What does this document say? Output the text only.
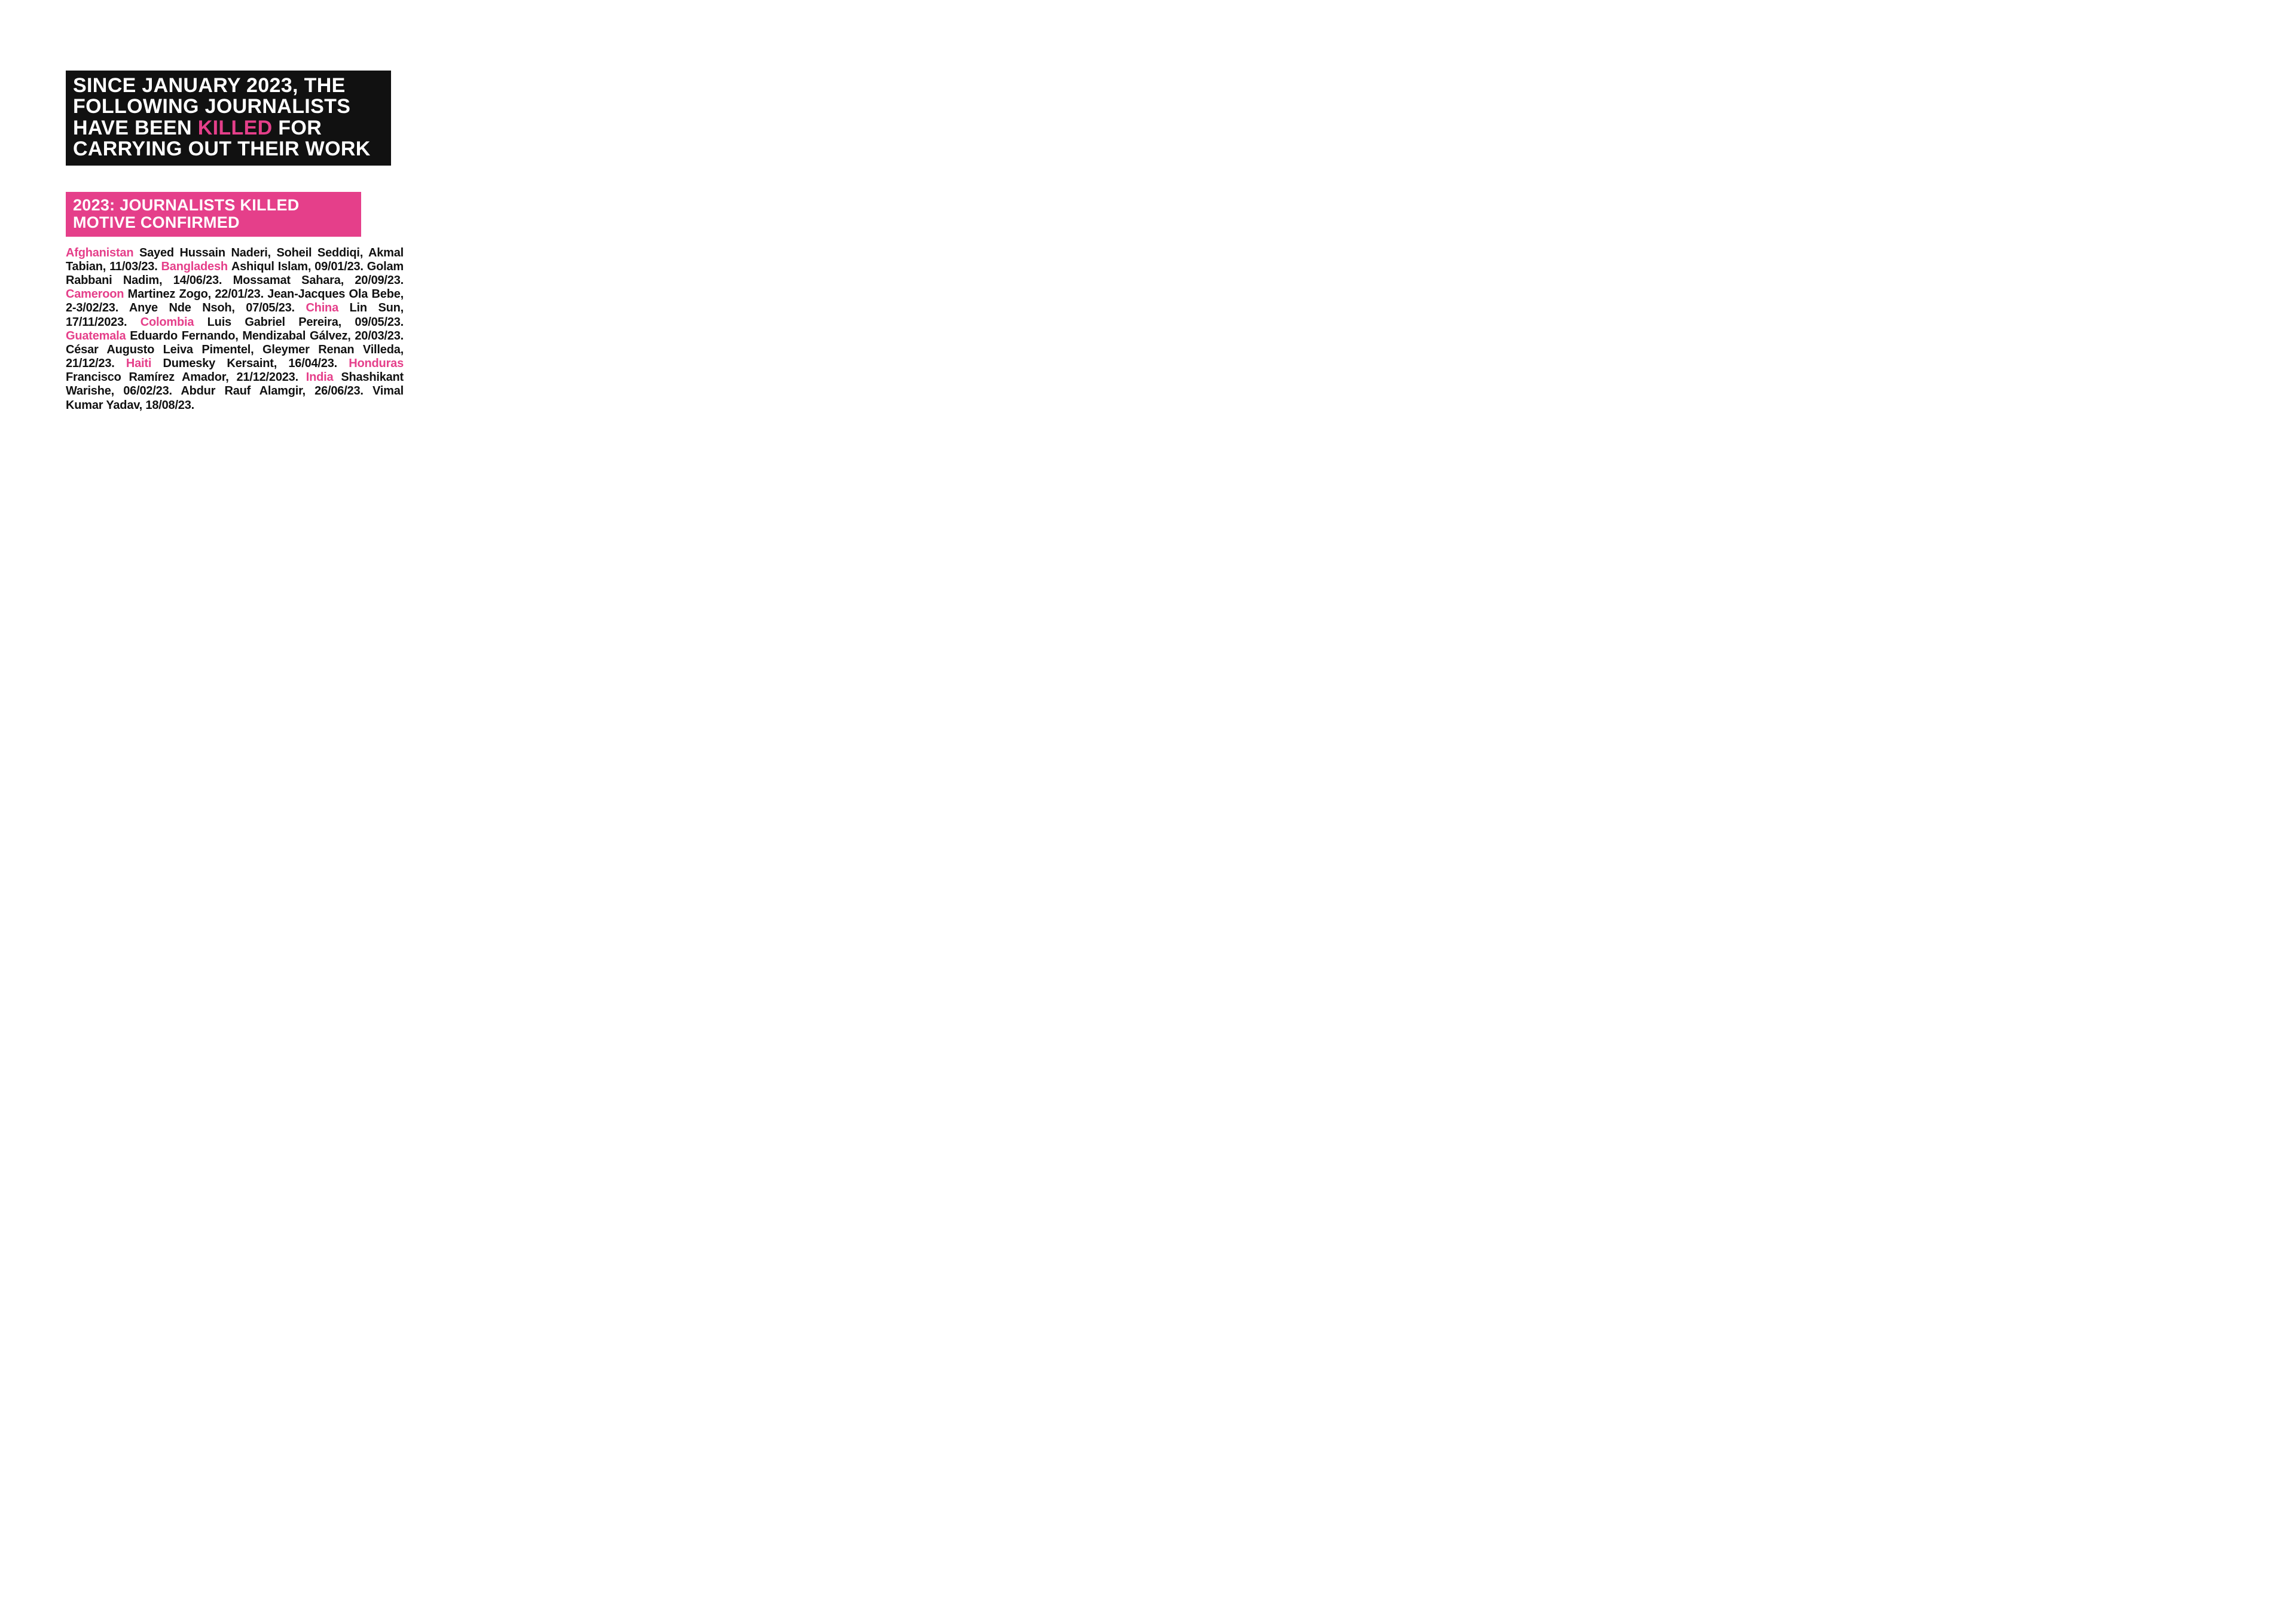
SINCE JANUARY 2023, THE FOLLOWING JOURNALISTS HAVE BEEN KILLED FOR CARRYING OUT THEIR WORK
2023: JOURNALISTS KILLED MOTIVE CONFIRMED

Afghanistan Sayed Hussain Naderi, Soheil Seddiqi, Akmal Tabian, 11/03/23. Bangladesh Ashiqul Islam, 09/01/23. Golam Rabbani Nadim, 14/06/23. Mossamat Sahara, 20/09/23. Cameroon Martinez Zogo, 22/01/23. Jean-Jacques Ola Bebe, 2-3/02/23. Anye Nde Nsoh, 07/05/23. China Lin Sun, 17/11/2023. Colombia Luis Gabriel Pereira, 09/05/23. Guatemala Eduardo Fernando, Mendizabal Gálvez, 20/03/23. César Augusto Leiva Pimentel, Gleymer Renan Villeda, 21/12/23. Haiti Dumesky Kersaint, 16/04/23. Honduras Francisco Ramírez Amador, 21/12/2023. India Shashikant Warishe, 06/02/23. Abdur Rauf Alamgir, 26/06/23. Vimal Kumar Yadav, 18/08/23.
